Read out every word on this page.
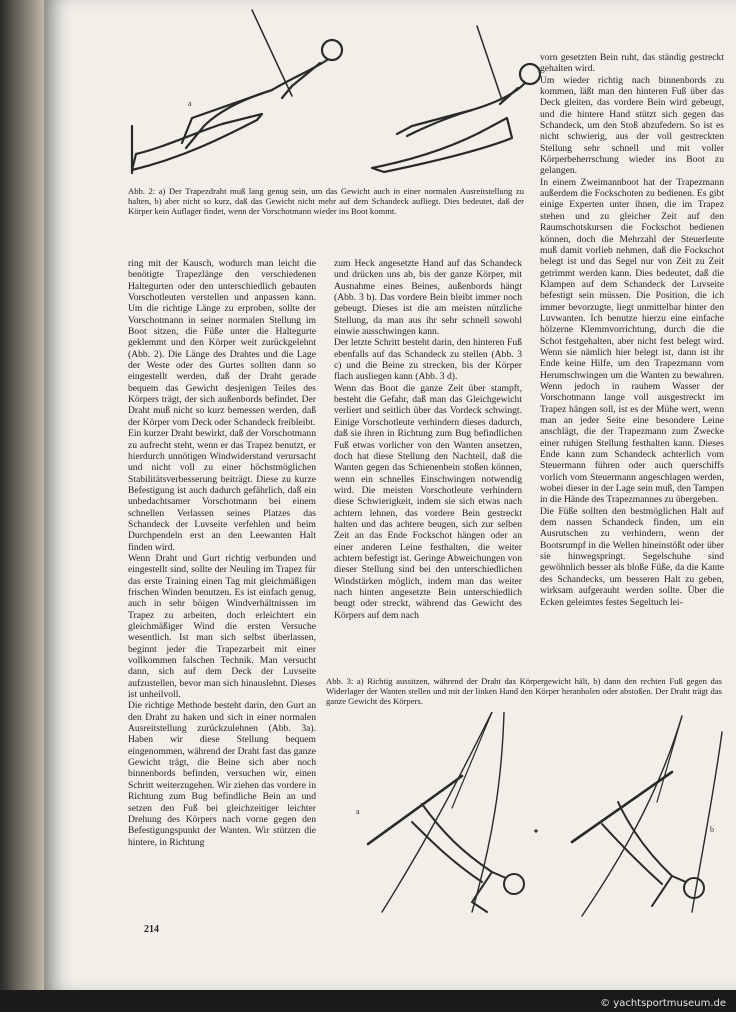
a
Abb. 2: a) Der Trapezdraht muß lang genug sein, um das Gewicht auch in einer normalen Ausreitstellung zu halten, b) aber nicht so kurz, daß das Gewicht nicht mehr auf dem Schandeck aufliegt. Dies bedeutet, daß der Körper kein Auflager findet, wenn der Vorschotmann wieder ins Boot kommt.

ring mit der Kausch, wodurch man leicht die benötigte Trapezlänge den verschiedenen Haltegurten oder den unterschiedlich gebauten Vorschotleuten verstellen und anpassen kann. Um die richtige Länge zu erproben, sollte der Vorschotmann in seiner normalen Stellung im Boot sitzen, die Füße unter die Haltegurte geklemmt und den Körper weit zurückgelehnt (Abb. 2). Die Länge des Drahtes und die Lage der Weste oder des Gurtes sollten dann so eingestellt werden, daß der Draht gerade bequem das Gewicht desjenigen Teiles des Körpers trägt, der sich außenbords befindet. Der Draht muß nicht so kurz bemessen werden, daß der Körper vom Deck oder Schandeck freibleibt.

Ein kurzer Draht bewirkt, daß der Vorschotmann zu aufrecht steht, wenn er das Trapez benutzt, er hierdurch unnötigen Windwiderstand verursacht und nicht voll zu einer höchstmöglichen Stabilitätsverbesserung beiträgt. Diese zu kurze Befestigung ist auch dadurch gefährlich, daß ein unbedachtsamer Vorschotmann bei einem schnellen Verlassen seines Platzes das Schandeck der Luvseite verfehlen und beim Durchpendeln erst an den Leewanten Halt finden wird.

Wenn Draht und Gurt richtig verbunden und eingestellt sind, sollte der Neuling im Trapez für das erste Training einen Tag mit gleichmäßigen frischen Winden benutzen. Es ist einfach genug, auch in sehr böigen Windverhältnissen im Trapez zu arbeiten, doch erleichtert ein gleichmäßiger Wind die ersten Versuche wesentlich. Ist man sich selbst überlassen, beginnt jeder die Trapezarbeit mit einer vollkommen falschen Technik. Man versucht dann, sich auf dem Deck der Luvseite aufzustellen, bevor man sich hinauslehnt. Dieses ist unheilvoll.

Die richtige Methode besteht darin, den Gurt an den Draht zu haken und sich in einer normalen Ausreitstellung zurückzulehnen (Abb. 3a). Haben wir diese Stellung bequem eingenommen, während der Draht fast das ganze Gewicht trägt, die Beine sich aber noch binnenbords befinden, versuchen wir, einen Schritt weiterzugehen. Wir ziehen das vordere in Richtung zum Bug befindliche Bein an und setzen den Fuß bei gleichzeitiger leichter Drehung des Körpers nach vorne gegen den Befestigungspunkt der Wanten. Wir stützen die hintere, in Richtung

zum Heck angesetzte Hand auf das Schandeck und drücken uns ab, bis der ganze Körper, mit Ausnahme eines Beines, außenbords hängt (Abb. 3 b). Das vordere Bein bleibt immer noch gebeugt. Dieses ist die am meisten nützliche Stellung, da man aus ihr sehr schnell sowohl einwie ausschwingen kann.

Der letzte Schritt besteht darin, den hinteren Fuß ebenfalls auf das Schandeck zu stellen (Abb. 3 c) und die Beine zu strecken, bis der Körper flach ausliegen kann (Abb. 3 d).

Wenn das Boot die ganze Zeit über stampft, besteht die Gefahr, daß man das Gleichgewicht verliert und seitlich über das Vordeck schwingt. Einige Vorschotleute verhindern dieses dadurch, daß sie ihren in Richtung zum Bug befindlichen Fuß etwas vorlicher von den Wanten ansetzen, doch hat diese Stellung den Nachteil, daß die Wanten gegen das Schienenbein stoßen können, wenn ein schnelles Einschwingen notwendig wird. Die meisten Vorschotleute verhindern diese Schwierigkeit, indem sie sich etwas nach achtern lehnen, das vordere Bein gestreckt halten und das achtere beugen, sich zur selben Zeit an das Ende Fockschot hängen oder an einer anderen Leine festhalten, die weiter achtern befestigt ist. Geringe Abweichungen von dieser Stellung sind bei den unterschiedlichen Windstärken möglich, indem man das weiter nach hinten angesetzte Bein unterschiedlich beugt oder streckt, während das Gewicht des Körpers auf dem nach

vorn gesetzten Bein ruht, das ständig gestreckt gehalten wird.

Um wieder richtig nach binnenbords zu kommen, läßt man den hinteren Fuß über das Deck gleiten, das vordere Bein wird gebeugt, und die hintere Hand stützt sich gegen das Schandeck, um den Stoß abzufedern. So ist es nicht schwierig, aus der voll gestreckten Stellung sehr schnell und mit voller Körperbeherrschung wieder ins Boot zu gelangen.

In einem Zweimannboot hat der Trapezmann außerdem die Fockschoten zu bedienen. Es gibt einige Experten unter ihnen, die im Trapez stehen und zu gleicher Zeit auf den Raumschotskursen die Fockschot bedienen können, doch die Mehrzahl der Steuerleute muß damit vorlieb nehmen, daß die Fockschot belegt ist und das Segel nur von Zeit zu Zeit getrimmt werden kann. Dies bedeutet, daß die Klampen auf dem Schandeck der Luvseite befestigt sein müssen. Die Position, die ich immer bevorzugte, liegt unmittelbar hinter den Luvwanten. Ich benutze hierzu eine einfache hölzerne Klemmvorrichtung, durch die die Schot festgehalten, aber nicht fest belegt wird. Wenn sie nämlich hier belegt ist, dann ist ihr Ende keine Hilfe, um den Trapezmann vom Herumschwingen um die Wanten zu bewahren. Wenn jedoch in rauhem Wasser der Vorschotmann lange voll ausgestreckt im Trapez hängen soll, ist es der Mühe wert, wenn man an jeder Seite eine besondere Leine anschlägt, die der Trapezmann zum Zwecke einer ruhigen Stellung festhalten kann. Dieses Ende kann zum Schandeck achterlich vom Steuermann führen oder auch querschiffs vorlich vom Steuermann angeschlagen werden, wobei dieser in der Lage sein muß, den Tampen in die Hände des Trapezmannes zu übergeben.

Die Füße sollten den bestmöglichen Halt auf dem nassen Schandeck finden, um ein Ausrutschen zu verhindern, wenn der Bootsrumpf in die Wellen hineinstößt oder über sie hinwegspringt. Segelschuhe sind gewöhnlich besser als bloße Füße, da die Kante des Schandecks, um besseren Halt zu geben, wirksam aufgerauht werden sollte. Über die Ecken geleimtes festes Segeltuch lei-

Abb. 3: a) Richtig aussitzen, während der Draht das Körpergewicht hält, b) dann den rechten Fuß gegen das Widerlager der Wanten stellen und mit der linken Hand den Körper heranholen oder abstoßen. Der Draht trägt das ganze Gewicht des Körpers.
a
b
214
© yachtsportmuseum.de
